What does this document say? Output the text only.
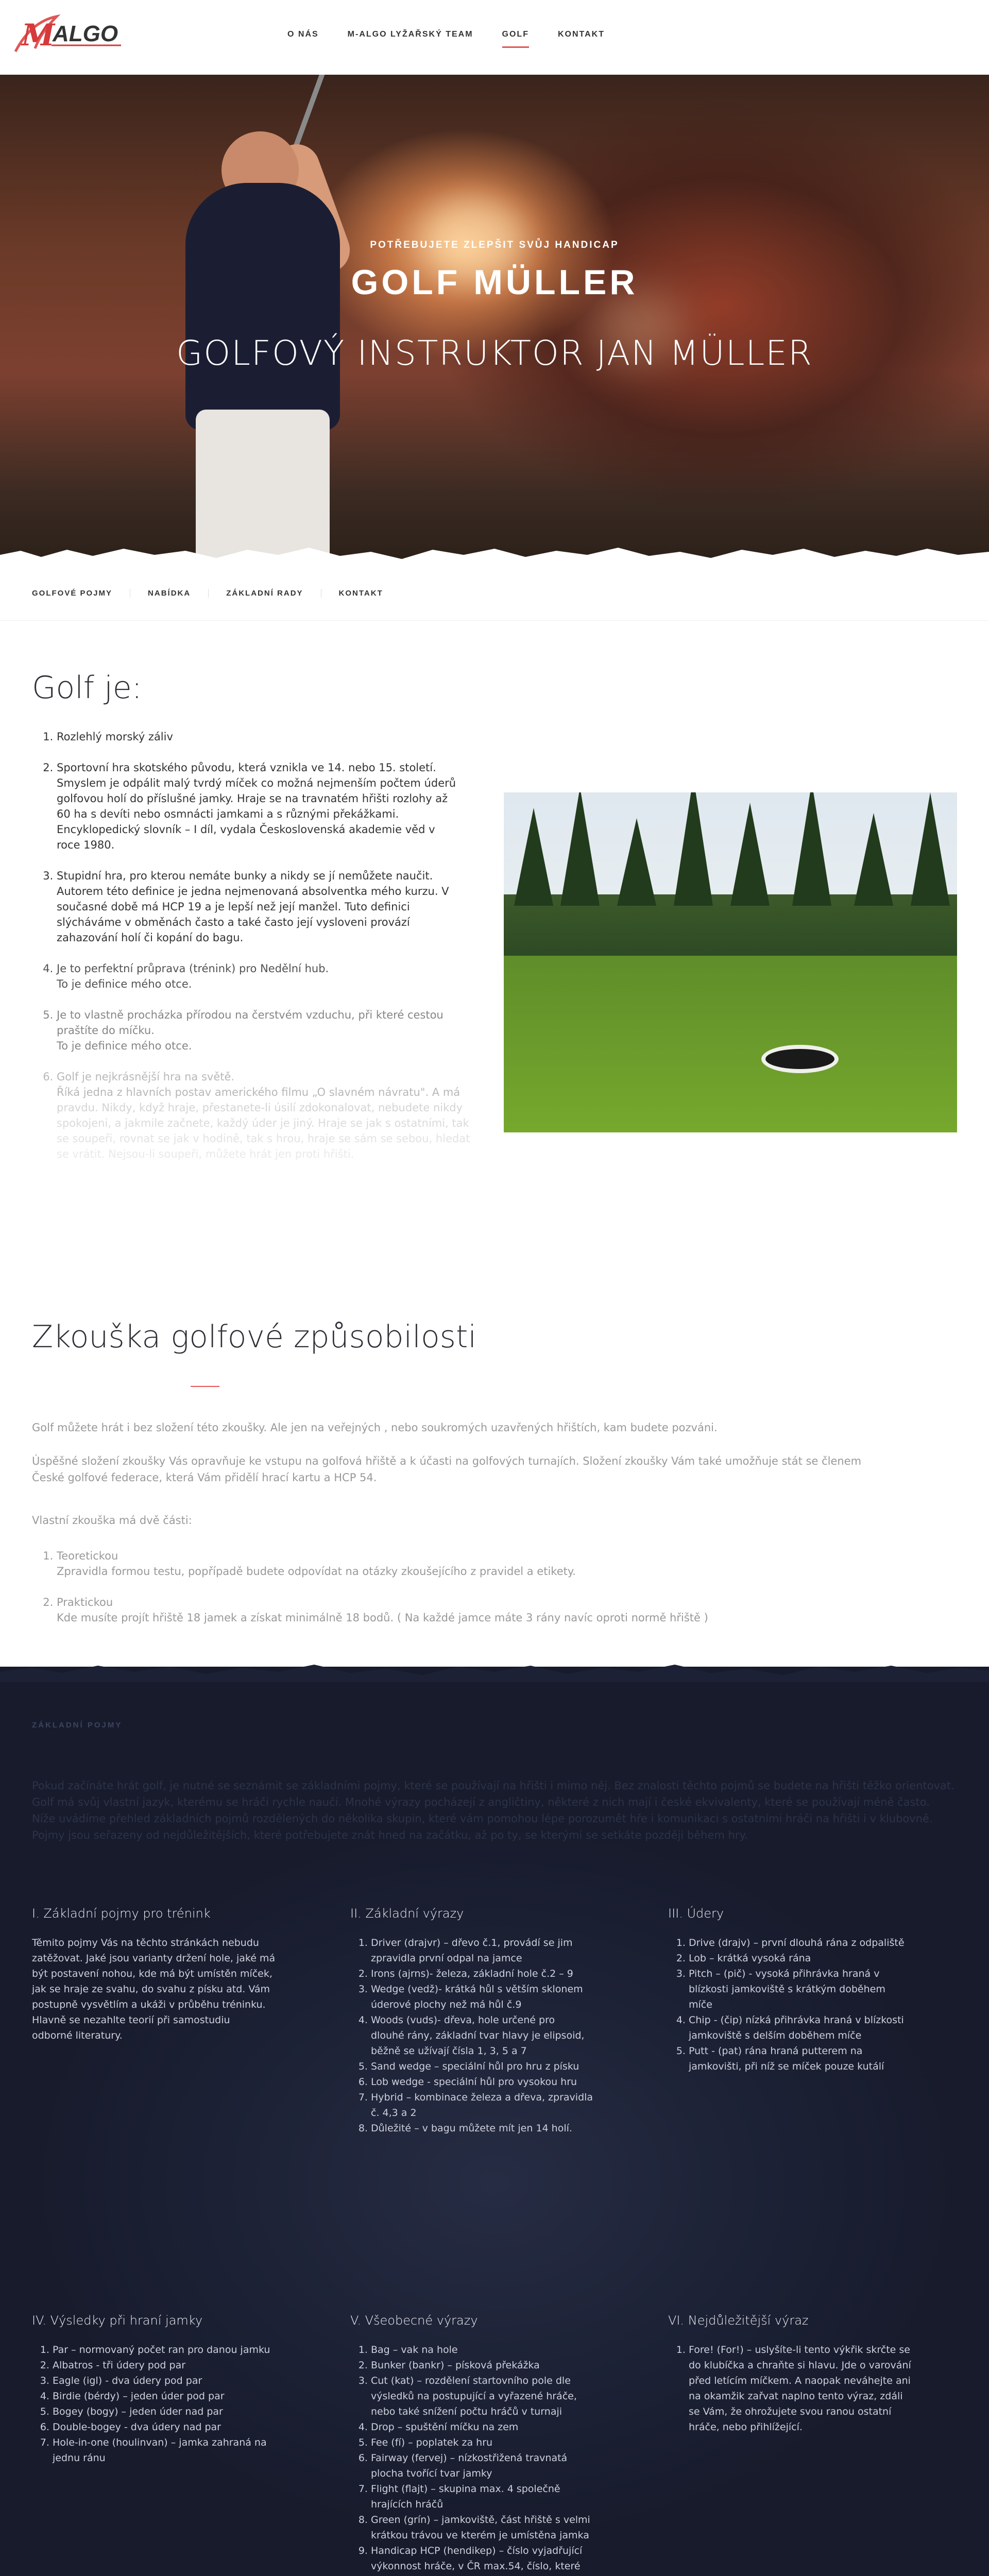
M
ALGO	O NÁS	M-ALGO LYŽAŘSKÝ TEAM	GOLF	KONTAKT
POTŘEBUJETE ZLEPŠIT SVŮJ HANDICAP
GOLF MÜLLER
GOLFOVÝ INSTRUKTOR JAN MÜLLER
GOLFOVÉ POJMY	NABÍDKA	ZÁKLADNÍ RADY	KONTAKT
Golf je:
1. Rozlehlý morský záliv
2. Sportovní hra skotského původu, která vznikla ve 14. nebo 15. století.
Smyslem je odpálit malý tvrdý míček co možná nejmenším počtem úderů
golfovou holí do příslušné jamky. Hraje se na travnatém hřišti rozlohy až
60 ha s devíti nebo osmnácti jamkami a s různými překážkami.
Encyklopedický slovník – I díl, vydala Československá akademie věd v
roce 1980.
3. Stupidní hra, pro kterou nemáte bunky a nikdy se jí nemůžete naučit.
Autorem této definice je jedna nejmenovaná absolventka mého kurzu. V
současné době má HCP 19 a je lepší než její manžel. Tuto definici
slýcháváme v obměnách často a také často její vysloveni provází
zahazování holí či kopání do bagu.
4. Je to perfektní průprava (trénink) pro Nedělní hub.
To je definice mého otce.
5. Je to vlastně procházka přírodou na čerstvém vzduchu, při které cestou
praštíte do míčku.
To je definice mého otce.
6. Golf je nejkrásnější hra na světě.
Říká jedna z hlavních postav amerického filmu „O slavném návratu". A má
pravdu. Nikdy, když hraje, přestanete-li úsilí zdokonalovat, nebudete nikdy
spokojeni, a jakmile začnete, každý úder je jiný. Hraje se jak s ostatními, tak
se soupeři, rovnat se jak v hodině, tak s hrou, hraje se sám se sebou, hledat
se vrátit. Nejsou-li soupeři, můžete hrát jen proti hřišti.
Zkouška golfové způsobilosti

Golf můžete hrát i bez složení této zkoušky. Ale jen na veřejných , nebo soukromých uzavřených hřištích, kam budete pozváni.

Úspěšné složení zkoušky Vás opravňuje ke vstupu na golfová hřiště a k účasti na golfových turnajích. Složení zkoušky Vám také umožňuje stát se členem
České golfové federace, která Vám přidělí hrací kartu a HCP 54.

Vlastní zkouška má dvě části:

1. Teoretickou
Zpravidla formou testu, popřípadě budete odpovídat na otázky zkoušejícího z pravidel a etikety.
2. Praktickou
Kde musíte projít hřiště 18 jamek a získat minimálně 18 bodů. ( Na každé jamce máte 3 rány navíc oproti normě hřiště )
ZÁKLADNÍ POJMY
Pokud začínáte hrát golf, je nutné se seznámit se základními pojmy, které se používají na hřišti i mimo něj. Bez znalosti těchto pojmů se budete na hřišti těžko orientovat.
Golf má svůj vlastní jazyk, kterému se hráči rychle naučí. Mnohé výrazy pocházejí z angličtiny, některé z nich mají i české ekvivalenty, které se používají méně často.
Níže uvádíme přehled základních pojmů rozdělených do několika skupin, které vám pomohou lépe porozumět hře i komunikaci s ostatními hráči na hřišti i v klubovně.
Pojmy jsou seřazeny od nejdůležitějších, které potřebujete znát hned na začátku, až po ty, se kterými se setkáte později během hry.
I. Základní pojmy pro trénink

Těmito pojmy Vás na těchto stránkách nebudu
zatěžovat. Jaké jsou varianty držení hole, jaké má
být postavení nohou, kde má být umístěn míček,
jak se hraje ze svahu, do svahu z písku atd. Vám
postupně vysvětlím a ukáži v průběhu tréninku.
Hlavně se nezahlte teorií při samostudiu
odborné literatury.

II. Základní výrazy
1. Driver (drajvr) – dřevo č.1, provádí se jim
zpravidla první odpal na jamce
2. Irons (ajrns)- železa, základní hole č.2 – 9
3. Wedge (vedž)- krátká hůl s větším sklonem
úderové plochy než má hůl č.9
4. Woods (vuds)- dřeva, hole určené pro
dlouhé rány, základní tvar hlavy je elipsoid,
běžně se užívají čísla 1, 3, 5 a 7
5. Sand wedge – speciální hůl pro hru z písku
6. Lob wedge - speciální hůl pro vysokou hru
7. Hybrid – kombinace železa a dřeva, zpravidla
č. 4,3 a 2
8. Důležité – v bagu můžete mít jen 14 holí.
III. Údery
1. Drive (drajv) – první dlouhá rána z odpaliště
2. Lob – krátká vysoká rána
3. Pitch – (pič) - vysoká přihrávka hraná v
blízkosti jamkoviště s krátkým doběhem
míče
4. Chip - (čip) nízká přihrávka hraná v blízkosti
jamkoviště s delším doběhem míče
5. Putt - (pat) rána hraná putterem na
jamkovišti, při níž se míček pouze kutálí
IV. Výsledky při hraní jamky
1. Par – normovaný počet ran pro danou jamku
2. Albatros - tři údery pod par
3. Eagle (igl) - dva údery pod par
4. Birdie (bérdy) – jeden úder pod par
5. Bogey (bogy) – jeden úder nad par
6. Double-bogey - dva údery nad par
7. Hole-in-one (houlinvan) – jamka zahraná na
jednu ránu
V. Všeobecné výrazy
1. Bag – vak na hole
2. Bunker (bankr) – písková překážka
3. Cut (kat) – rozdělení startovního pole dle
výsledků na postupující a vyřazené hráče,
nebo také snížení počtu hráčů v turnaji
4. Drop – spuštění míčku na zem
5. Fee (fí) – poplatek za hru
6. Fairway (fervej) – nízkostřižená travnatá
plocha tvořící tvar jamky
7. Flight (flajt) – skupina max. 4 společně
hrajících hráčů
8. Green (grín) – jamkoviště, část hřiště s velmi
krátkou trávou ve kterém je umístěna jamka
9. Handicap HCP (hendikep) – číslo vyjadřující
výkonnost hráče, v ČR max.54, číslo, které
VI. Nejdůležitější výraz
1. Fore! (For!) – uslyšíte-li tento výkřik skrčte se
do klubíčka a chraňte si hlavu. Jde o varování
před letícím míčkem. A naopak neváhejte ani
na okamžik zařvat naplno tento výraz, zdáli
se Vám, že ohrožujete svou ranou ostatní
hráče, nebo přihlížející.
